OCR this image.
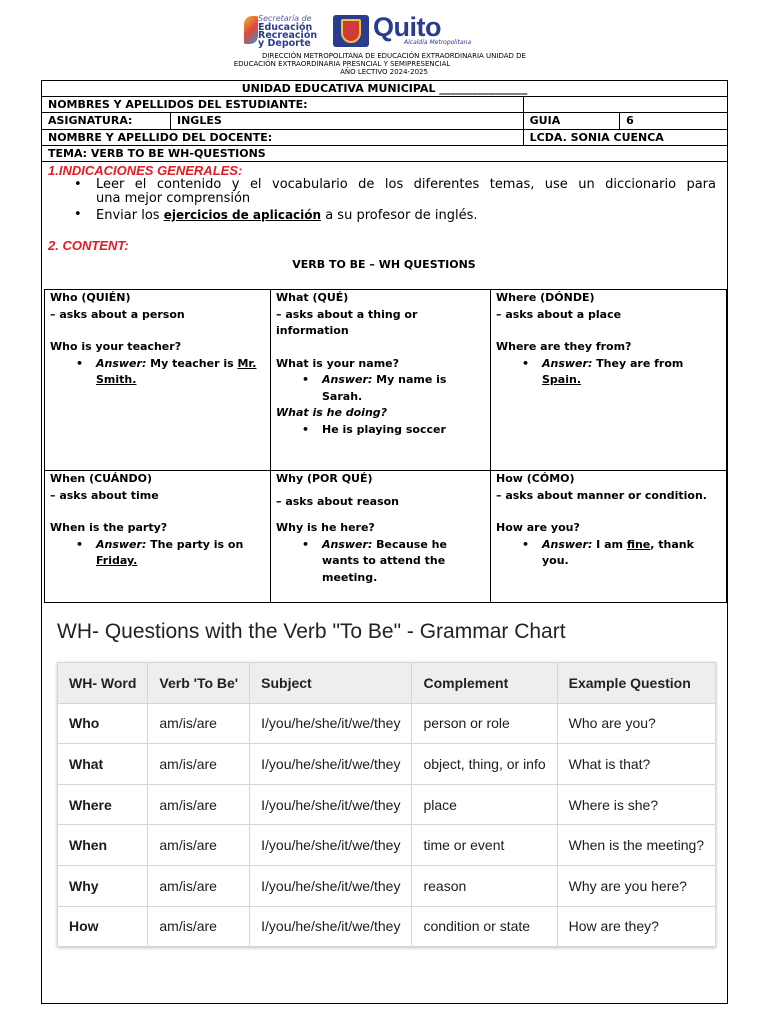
Secretaría de
Educación
Recreación
y Deporte
Quito
Alcaldía Metropolitana
DIRECCIÓN METROPOLITANA DE EDUCACIÓN EXTRAORDINARIA UNIDAD DE
EDUCACIÓN EXTRAORDINARIA PRESNCIAL Y SEMIPRESENCIAL
AÑO LECTIVO 2024-2025
UNIDAD EDUCATIVA MUNICIPAL ________________
NOMBRES Y APELLIDOS DEL ESTUDIANTE:	
ASIGNATURA:	INGLES		GUIA	6

NOMBRE Y APELLIDO DEL DOCENTE:	LCDA. SONIA CUENCA
TEMA: VERB TO BE WH-QUESTIONS
1.INDICACIONES GENERALES:
• Leer el contenido y el vocabulario de los diferentes temas, use un diccionario para
una mejor comprensión
• Enviar los ejercicios de aplicación a su profesor de inglés.
2. CONTENT:
VERB TO BE – WH QUESTIONS
Who (QUIÉN)
– asks about a person
Who is your teacher?
• Answer: My teacher is Mr. Smith.
What (QUÉ)
– asks about a thing or information
What is your name?
• Answer: My name is Sarah.
What is he doing?
• He is playing soccer
Where (DÓNDE)
– asks about a place
Where are they from?
• Answer: They are from Spain.
When (CUÁNDO)
– asks about time
When is the party?
• Answer: The party is on Friday.
Why (POR QUÉ)
– asks about reason
Why is he here?
• Answer: Because he wants to attend the meeting.
How (CÓMO)
– asks about manner or condition.
How are you?
• Answer: I am fine, thank you.
WH- Questions with the Verb "To Be" - Grammar Chart
WH- Word	Verb 'To Be'	Subject	Complement	Example Question
Who	am/is/are	I/you/he/she/it/we/they	person or role	Who are you?
What	am/is/are	I/you/he/she/it/we/they	object, thing, or info	What is that?
Where	am/is/are	I/you/he/she/it/we/they	place	Where is she?
When	am/is/are	I/you/he/she/it/we/they	time or event	When is the meeting?
Why	am/is/are	I/you/he/she/it/we/they	reason	Why are you here?
How	am/is/are	I/you/he/she/it/we/they	condition or state	How are they?
